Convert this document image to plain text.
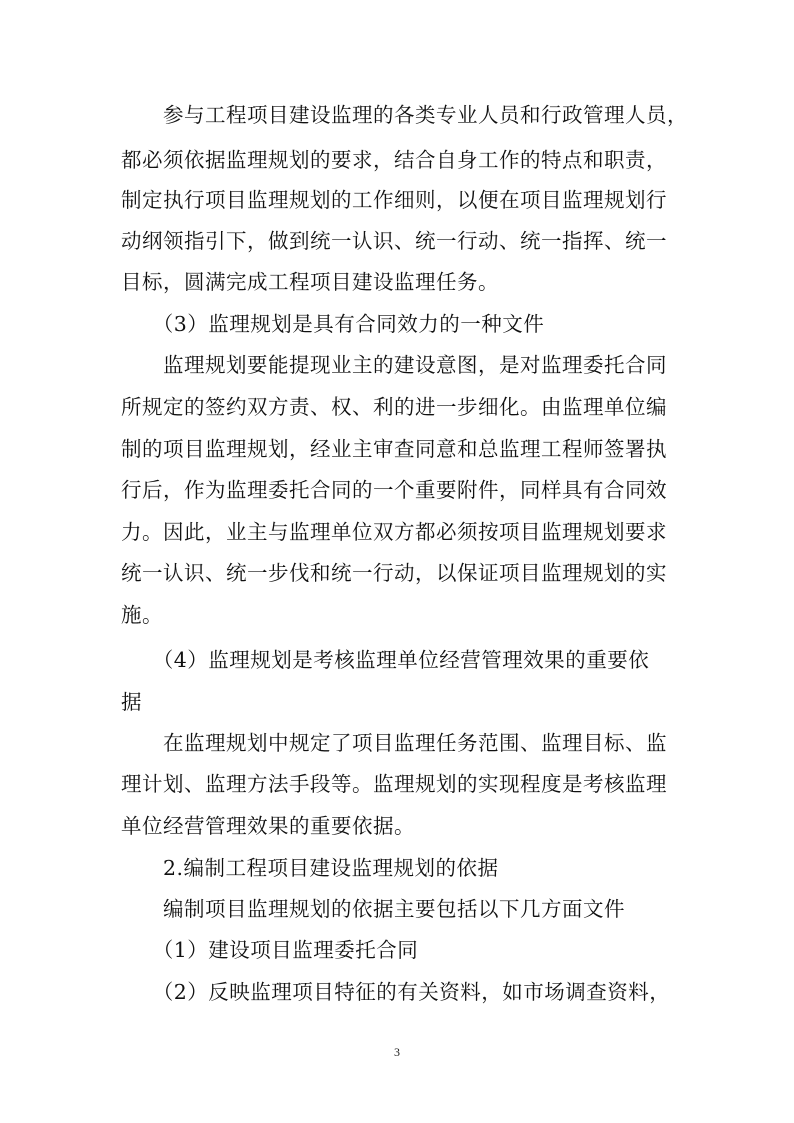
　　参与工程项目建设监理的各类专业人员和行政管理人员，
都必须依据监理规划的要求，结合自身工作的特点和职责，
制定执行项目监理规划的工作细则，以便在项目监理规划行
动纲领指引下，做到统一认识、统一行动、统一指挥、统一
目标，圆满完成工程项目建设监理任务。
　　（3）监理规划是具有合同效力的一种文件
　　监理规划要能提现业主的建设意图，是对监理委托合同
所规定的签约双方责、权、利的进一步细化。由监理单位编
制的项目监理规划，经业主审查同意和总监理工程师签署执
行后，作为监理委托合同的一个重要附件，同样具有合同效
力。因此，业主与监理单位双方都必须按项目监理规划要求
统一认识、统一步伐和统一行动，以保证项目监理规划的实
施。
　　（4）监理规划是考核监理单位经营管理效果的重要依
据
　　在监理规划中规定了项目监理任务范围、监理目标、监
理计划、监理方法手段等。监理规划的实现程度是考核监理
单位经营管理效果的重要依据。
　　2.编制工程项目建设监理规划的依据
　　编制项目监理规划的依据主要包括以下几方面文件
　　（1）建设项目监理委托合同
　　（2）反映监理项目特征的有关资料，如市场调查资料，
3
